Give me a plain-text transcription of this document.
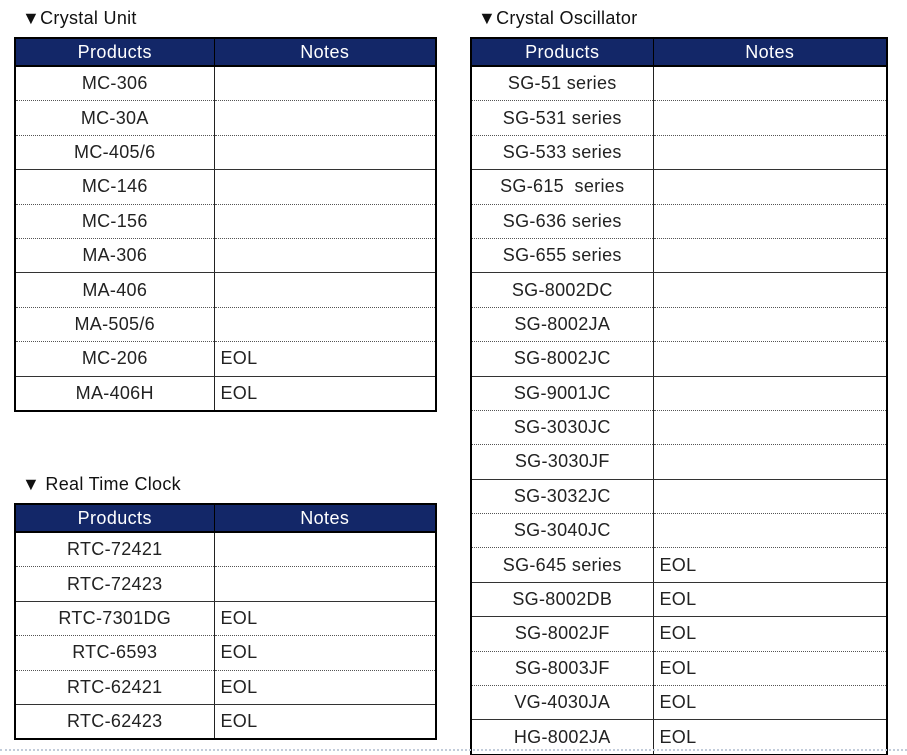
▼Crystal Unit
Products	Notes
MC-306	
MC-30A	
MC-405/6	
MC-146	
MC-156	
MA-306	
MA-406	
MA-505/6	
MC-206	EOL
MA-406H	EOL
▼ Real Time Clock
Products	Notes
RTC-72421	
RTC-72423	
RTC-7301DG	EOL
RTC-6593	EOL
RTC-62421	EOL
RTC-62423	EOL
▼Crystal Oscillator
Products	Notes
SG-51 series	
SG-531 series	
SG-533 series	
SG-615  series	
SG-636 series	
SG-655 series	
SG-8002DC	
SG-8002JA	
SG-8002JC	
SG-9001JC	
SG-3030JC	
SG-3030JF	
SG-3032JC	
SG-3040JC	
SG-645 series	EOL
SG-8002DB	EOL
SG-8002JF	EOL
SG-8003JF	EOL
VG-4030JA	EOL
HG-8002JA	EOL
